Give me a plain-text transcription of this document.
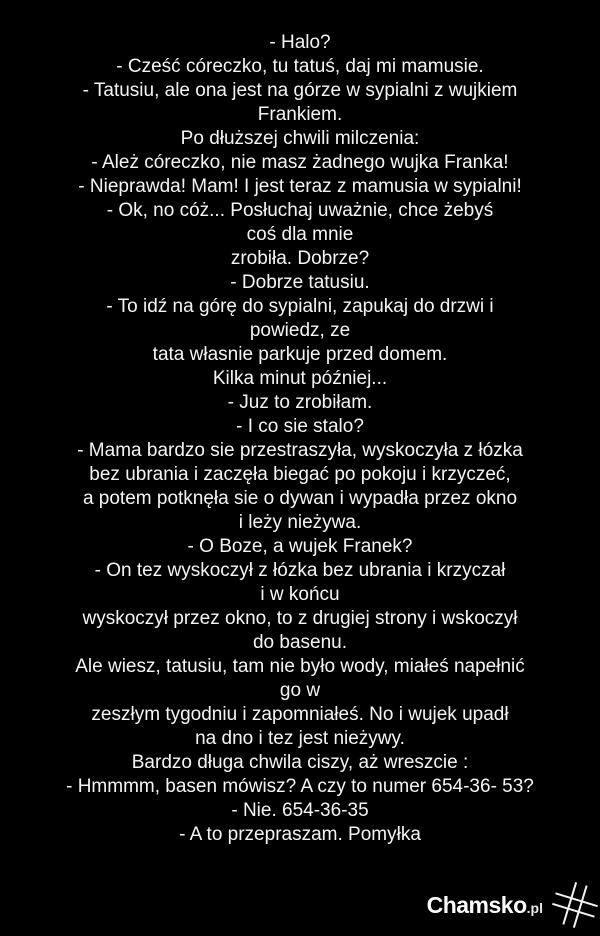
- Halo?
- Cześć córeczko, tu tatuś, daj mi mamusie.
- Tatusiu, ale ona jest na górze w sypialni z wujkiem
Frankiem.
Po dłuższej chwili milczenia:
- Ależ córeczko, nie masz żadnego wujka Franka!
- Nieprawda! Mam! I jest teraz z mamusia w sypialni!
- Ok, no cóż... Posłuchaj uważnie, chce żebyś
coś dla mnie
zrobiła. Dobrze?
- Dobrze tatusiu.
- To idź na górę do sypialni, zapukaj do drzwi i
powiedz, ze
tata własnie parkuje przed domem.
Kilka minut później...
- Juz to zrobiłam.
- I co sie stalo?
- Mama bardzo sie przestraszyła, wyskoczyła z łózka
bez ubrania i zaczęła biegać po pokoju i krzyczeć,
a potem potknęła sie o dywan i wypadła przez okno
i leży nieżywa.
- O Boze, a wujek Franek?
- On tez wyskoczył z łózka bez ubrania i krzyczał
i w końcu
wyskoczył przez okno, to z drugiej strony i wskoczył
do basenu.
Ale wiesz, tatusiu, tam nie było wody, miałeś napełnić
go w
zeszłym tygodniu i zapomniałeś. No i wujek upadł
na dno i tez jest nieżywy.
Bardzo długa chwila ciszy, aż wreszcie :
- Hmmmm, basen mówisz? A czy to numer 654-36- 53?
- Nie. 654-36-35
- A to przepraszam. Pomyłka
Chamsko.pl
